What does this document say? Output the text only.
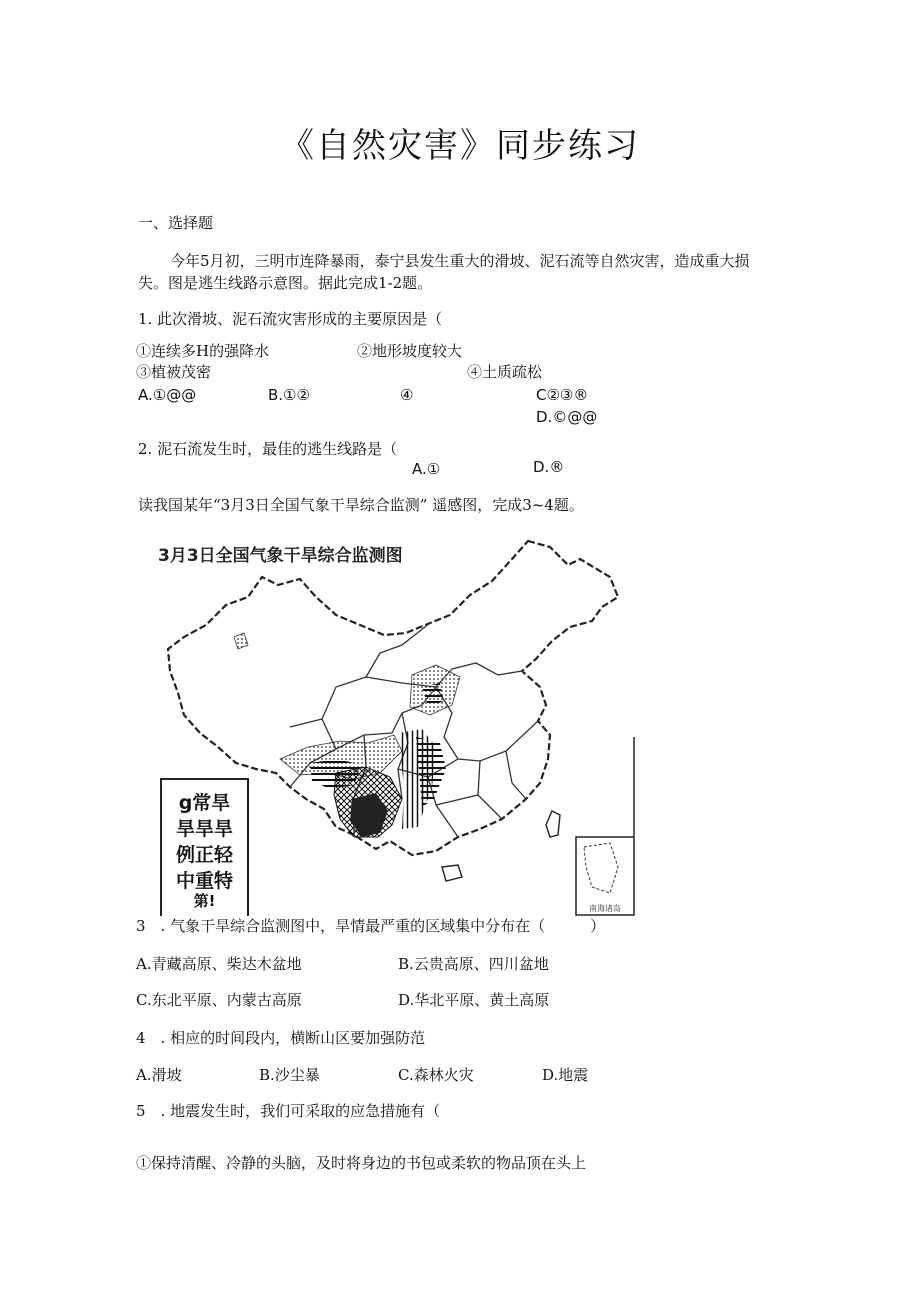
《自然灾害》同步练习
一、选择题
今年5月初，三明市连降暴雨，泰宁县发生重大的滑坡、泥石流等自然灾害，造成重大损
失。图是逃生线路示意图。据此完成1-2题。
1. 此次滑坡、泥石流灾害形成的主要原因是（
①连续多H的强降水	②地形坡度较大
③植被茂密	④土质疏松
A.①@@	B.①②	④	C②③®
D.©@@
2. 泥石流发生时，最佳的逃生线路是（
A.①	D.®
读我国某年“3月3日全国气象干旱综合监测” 遥感图，完成3~4题。
3月3日全国气象干旱综合监测图
南海诸岛
g常旱
旱旱旱
例正轻
中重特
第!
3　. 气象干旱综合监测图中，旱情最严重的区域集中分布在（　　　）
A.青藏高原、柴达木盆地	B.云贵高原、四川盆地
C.东北平原、内蒙古高原	D.华北平原、黄土高原
4　. 相应的时间段内，横断山区要加强防范
A.滑坡	B.沙尘暴	C.森林火灾	D.地震
5　. 地震发生时，我们可采取的应急措施有（
①保持清醒、冷静的头脑，及时将身边的书包或柔软的物品顶在头上
